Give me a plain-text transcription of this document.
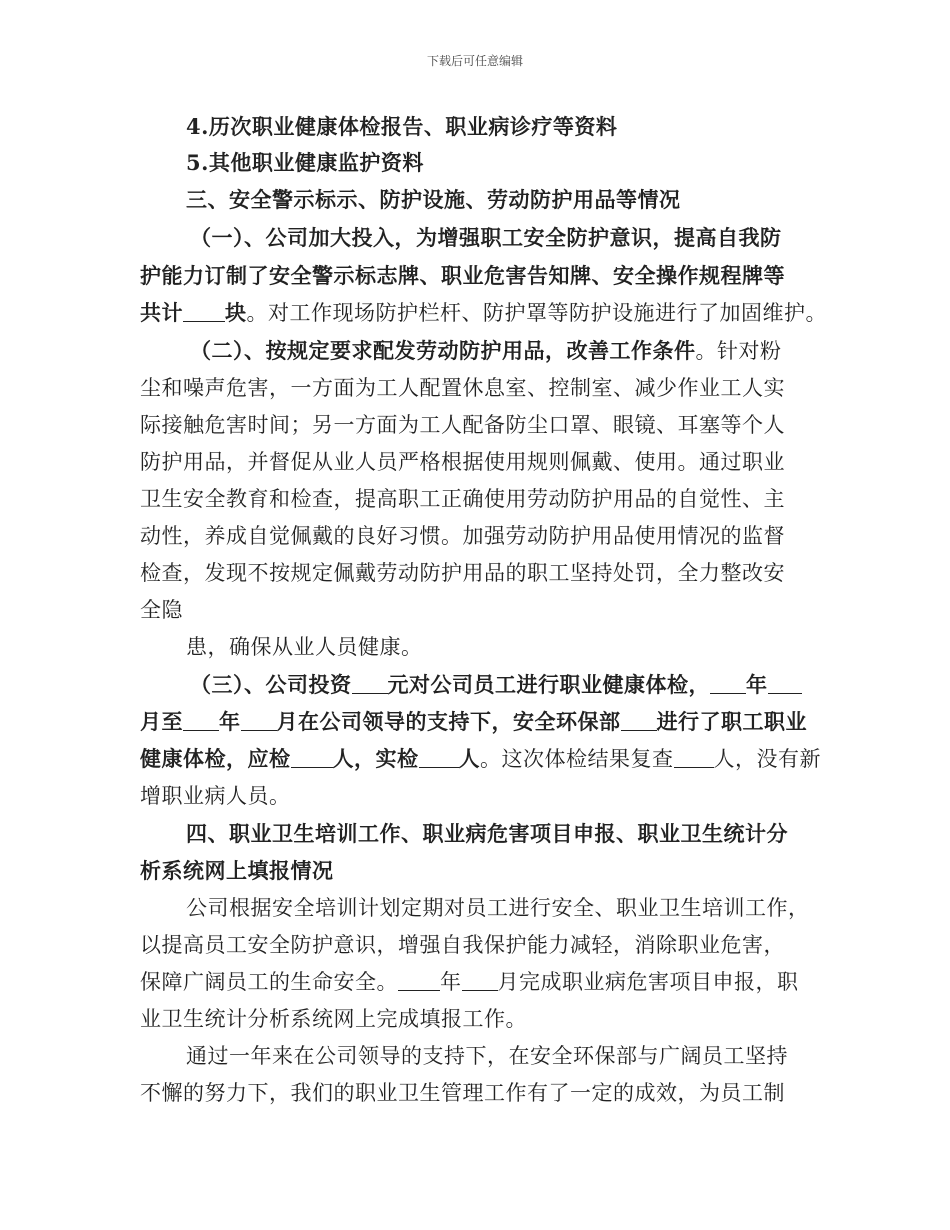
下载后可任意编辑
4.历次职业健康体检报告、职业病诊疗等资料
5.其他职业健康监护资料
三、安全警示标示、防护设施、劳动防护用品等情况
（一）、公司加大投入，为增强职工安全防护意识，提高自我防
护能力订制了安全警示标志牌、职业危害告知牌、安全操作规程牌等
共计 块。对工作现场防护栏杆、防护罩等防护设施进行了加固维护。
（二）、按规定要求配发劳动防护用品，改善工作条件。针对粉
尘和噪声危害，一方面为工人配置休息室、控制室、减少作业工人实
际接触危害时间；另一方面为工人配备防尘口罩、眼镜、耳塞等个人
防护用品，并督促从业人员严格根据使用规则佩戴、使用。通过职业
卫生安全教育和检查，提高职工正确使用劳动防护用品的自觉性、主
动性，养成自觉佩戴的良好习惯。加强劳动防护用品使用情况的监督
检查，发现不按规定佩戴劳动防护用品的职工坚持处罚，全力整改安
全隐
患，确保从业人员健康。
（三）、公司投资 元对公司员工进行职业健康体检， 年
月至 年 月在公司领导的支持下，安全环保部 进行了职工职业
健康体检，应检 人，实检 人。这次体检结果复查 人，没有新
增职业病人员。
四、职业卫生培训工作、职业病危害项目申报、职业卫生统计分
析系统网上填报情况
公司根据安全培训计划定期对员工进行安全、职业卫生培训工作，
以提高员工安全防护意识，增强自我保护能力减轻，消除职业危害，
保障广阔员工的生命安全。 年 月完成职业病危害项目申报，职
业卫生统计分析系统网上完成填报工作。
通过一年来在公司领导的支持下，在安全环保部与广阔员工坚持
不懈的努力下，我们的职业卫生管理工作有了一定的成效，为员工制
